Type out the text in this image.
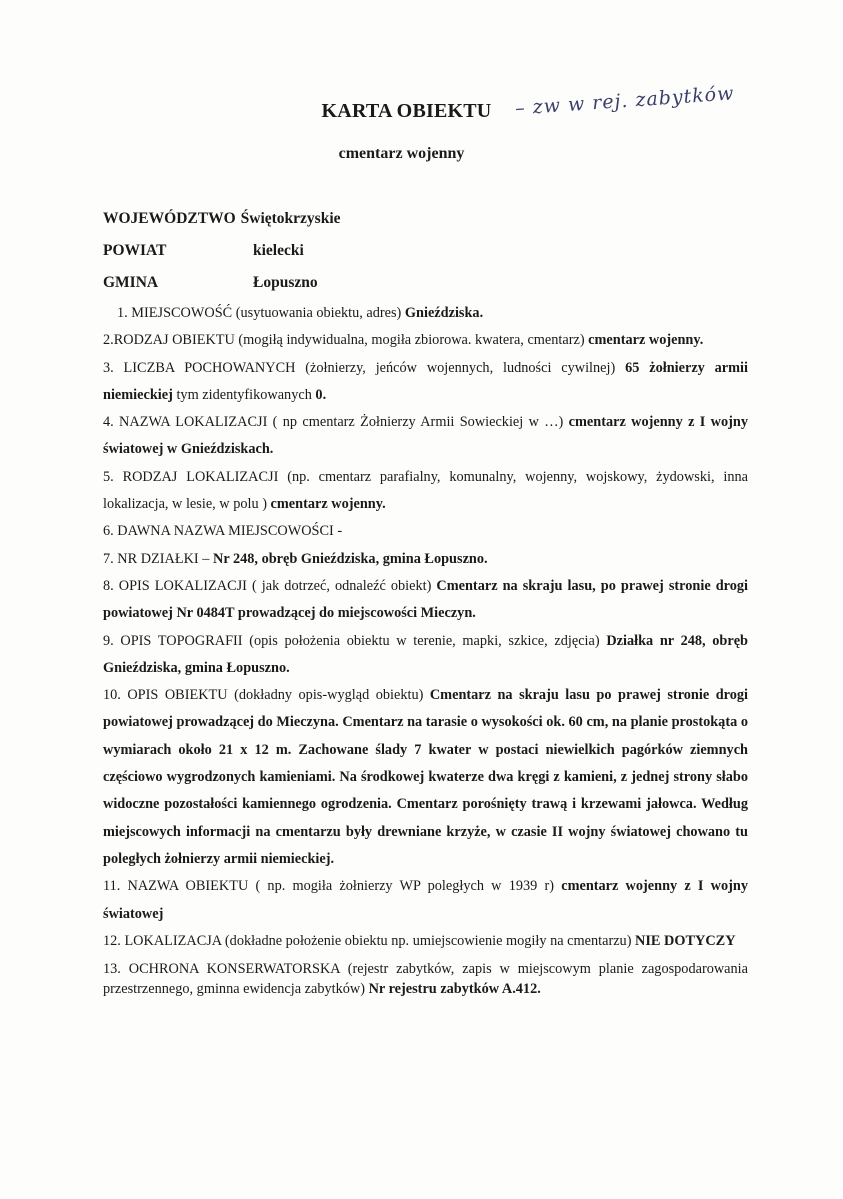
KARTA OBIEKTU	– zw w rej. zabytków
cmentarz wojenny
WOJEWÓDZTWO Świętokrzyskie
POWIAT	kielecki
GMINA	Łopuszno

1. MIEJSCOWOŚĆ (usytuowania obiektu, adres) Gnieździska.

2.RODZAJ OBIEKTU (mogiłą indywidualna, mogiła zbiorowa. kwatera, cmentarz) cmentarz wojenny.

3. LICZBA POCHOWANYCH (żołnierzy, jeńców wojennych, ludności cywilnej) 65 żołnierzy armii niemieckiej tym zidentyfikowanych 0.

4. NAZWA LOKALIZACJI ( np cmentarz Żołnierzy Armii Sowieckiej w …) cmentarz wojenny z I wojny światowej w Gnieździskach.

5. RODZAJ LOKALIZACJI (np. cmentarz parafialny, komunalny, wojenny, wojskowy, żydowski, inna lokalizacja, w lesie, w polu ) cmentarz wojenny.

6. DAWNA NAZWA MIEJSCOWOŚCI -

7. NR DZIAŁKI – Nr 248, obręb Gnieździska, gmina Łopuszno.

8. OPIS LOKALIZACJI ( jak dotrzeć, odnaleźć obiekt) Cmentarz na skraju lasu, po prawej stronie drogi powiatowej Nr 0484T prowadzącej do miejscowości Mieczyn.

9. OPIS TOPOGRAFII (opis położenia obiektu w terenie, mapki, szkice, zdjęcia) Działka nr 248, obręb Gnieździska, gmina Łopuszno.

10. OPIS OBIEKTU (dokładny opis-wygląd obiektu) Cmentarz na skraju lasu po prawej stronie drogi powiatowej prowadzącej do Mieczyna. Cmentarz na tarasie o wysokości ok. 60 cm, na planie prostokąta o wymiarach około 21 x 12 m. Zachowane ślady 7 kwater w postaci niewielkich pagórków ziemnych częściowo wygrodzonych kamieniami. Na środkowej kwaterze dwa kręgi z kamieni, z jednej strony słabo widoczne pozostałości kamiennego ogrodzenia. Cmentarz porośnięty trawą i krzewami jałowca. Według miejscowych informacji na cmentarzu były drewniane krzyże, w czasie II wojny światowej chowano tu poległych żołnierzy armii niemieckiej.

11. NAZWA OBIEKTU ( np. mogiła żołnierzy WP poległych w 1939 r) cmentarz wojenny z I wojny światowej

12. LOKALIZACJA (dokładne położenie obiektu np. umiejscowienie mogiły na cmentarzu) NIE DOTYCZY

13. OCHRONA KONSERWATORSKA (rejestr zabytków, zapis w miejscowym planie zagospodarowania przestrzennego, gminna ewidencja zabytków) Nr rejestru zabytków A.412.
